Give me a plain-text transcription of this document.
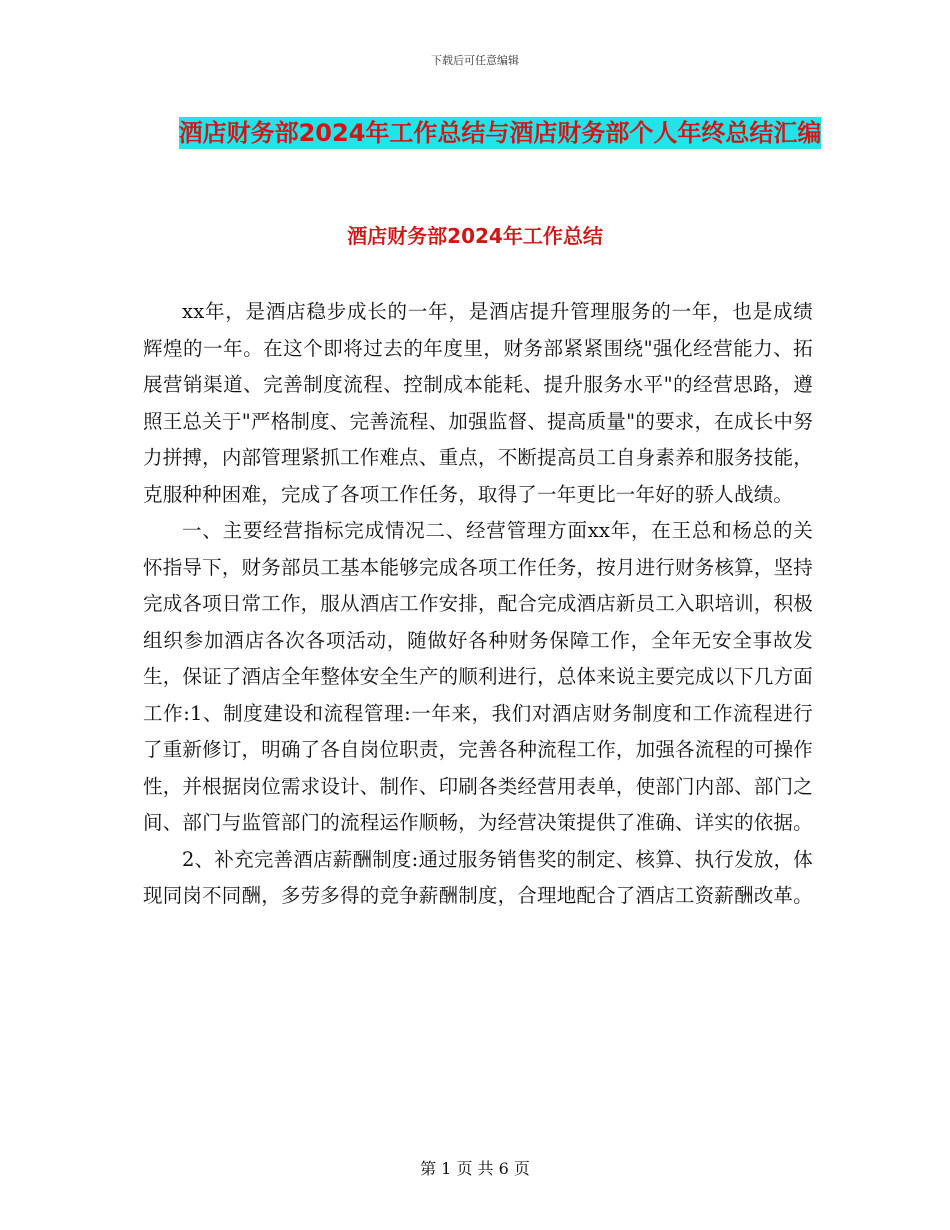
下载后可任意编辑
酒店财务部2024年工作总结与酒店财务部个人年终总结汇编
酒店财务部2024年工作总结

xx年，是酒店稳步成长的一年，是酒店提升管理服务的一年，也是成绩辉煌的一年。在这个即将过去的年度里，财务部紧紧围绕"强化经营能力、拓展营销渠道、完善制度流程、控制成本能耗、提升服务水平"的经营思路，遵照王总关于"严格制度、完善流程、加强监督、提高质量"的要求，在成长中努力拼搏，内部管理紧抓工作难点、重点，不断提高员工自身素养和服务技能，克服种种困难，完成了各项工作任务，取得了一年更比一年好的骄人战绩。

一、主要经营指标完成情况二、经营管理方面xx年，在王总和杨总的关怀指导下，财务部员工基本能够完成各项工作任务，按月进行财务核算，坚持完成各项日常工作，服从酒店工作安排，配合完成酒店新员工入职培训，积极组织参加酒店各次各项活动，随做好各种财务保障工作，全年无安全事故发生，保证了酒店全年整体安全生产的顺利进行，总体来说主要完成以下几方面工作:1、制度建设和流程管理:一年来，我们对酒店财务制度和工作流程进行了重新修订，明确了各自岗位职责，完善各种流程工作，加强各流程的可操作性，并根据岗位需求设计、制作、印刷各类经营用表单，使部门内部、部门之间、部门与监管部门的流程运作顺畅，为经营决策提供了准确、详实的依据。

2、补充完善酒店薪酬制度:通过服务销售奖的制定、核算、执行发放，体现同岗不同酬，多劳多得的竞争薪酬制度，合理地配合了酒店工资薪酬改革。

第 1 页 共 6 页
